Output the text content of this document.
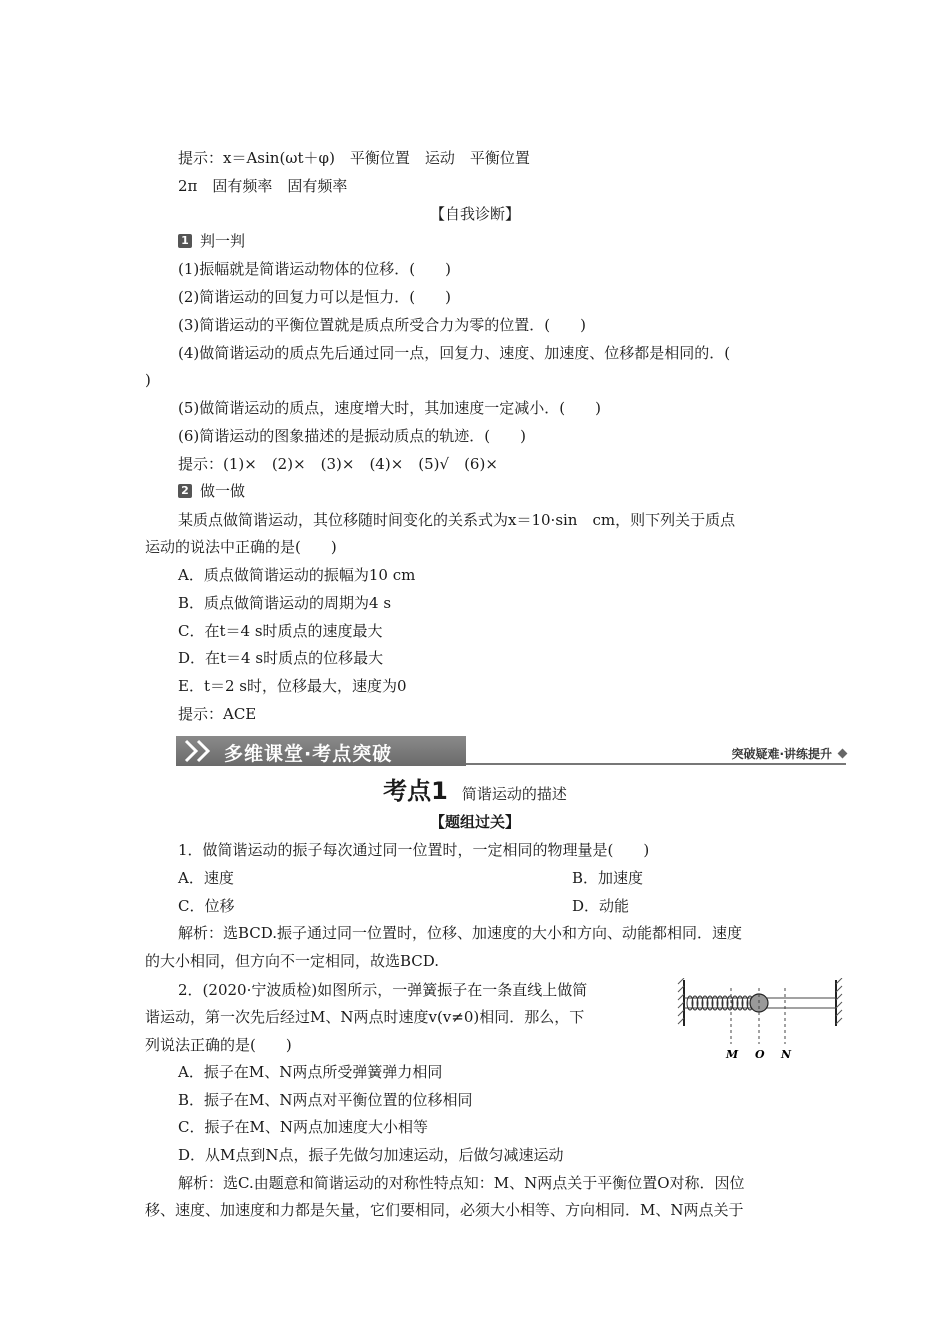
提示：x＝Asin(ωt＋φ)　平衡位置　运动　平衡位置
2π　固有频率　固有频率
【自我诊断】
1 判一判
(1)振幅就是简谐运动物体的位移．(　　)
(2)简谐运动的回复力可以是恒力．(　　)
(3)简谐运动的平衡位置就是质点所受合力为零的位置．(　　)
(4)做简谐运动的质点先后通过同一点，回复力、速度、加速度、位移都是相同的．(
)
(5)做简谐运动的质点，速度增大时，其加速度一定减小．(　　)
(6)简谐运动的图象描述的是振动质点的轨迹．(　　)
提示：(1)×　(2)×　(3)×　(4)×　(5)√　(6)×
2 做一做
某质点做简谐运动，其位移随时间变化的关系式为x＝10·sin　cm，则下列关于质点
运动的说法中正确的是(　　)
A．质点做简谐运动的振幅为10 cm
B．质点做简谐运动的周期为4 s
C．在t＝4 s时质点的速度最大
D．在t＝4 s时质点的位移最大
E．t＝2 s时，位移最大，速度为0
提示：ACE
多维课堂·考点突破	突破疑难·讲练提升
考点1 简谐运动的描述
【题组过关】
1．做简谐运动的振子每次通过同一位置时，一定相同的物理量是(　　)
A．速度	B．加速度
C．位移	D．动能
解析：选BCD.振子通过同一位置时，位移、加速度的大小和方向、动能都相同．速度
的大小相同，但方向不一定相同，故选BCD.
2．(2020·宁波质检)如图所示，一弹簧振子在一条直线上做简
谐运动，第一次先后经过M、N两点时速度v(v≠0)相同．那么，下
列说法正确的是(　　)
M O N
A．振子在M、N两点所受弹簧弹力相同
B．振子在M、N两点对平衡位置的位移相同
C．振子在M、N两点加速度大小相等
D．从M点到N点，振子先做匀加速运动，后做匀减速运动
解析：选C.由题意和简谐运动的对称性特点知：M、N两点关于平衡位置O对称．因位
移、速度、加速度和力都是矢量，它们要相同，必须大小相等、方向相同．M、N两点关于
